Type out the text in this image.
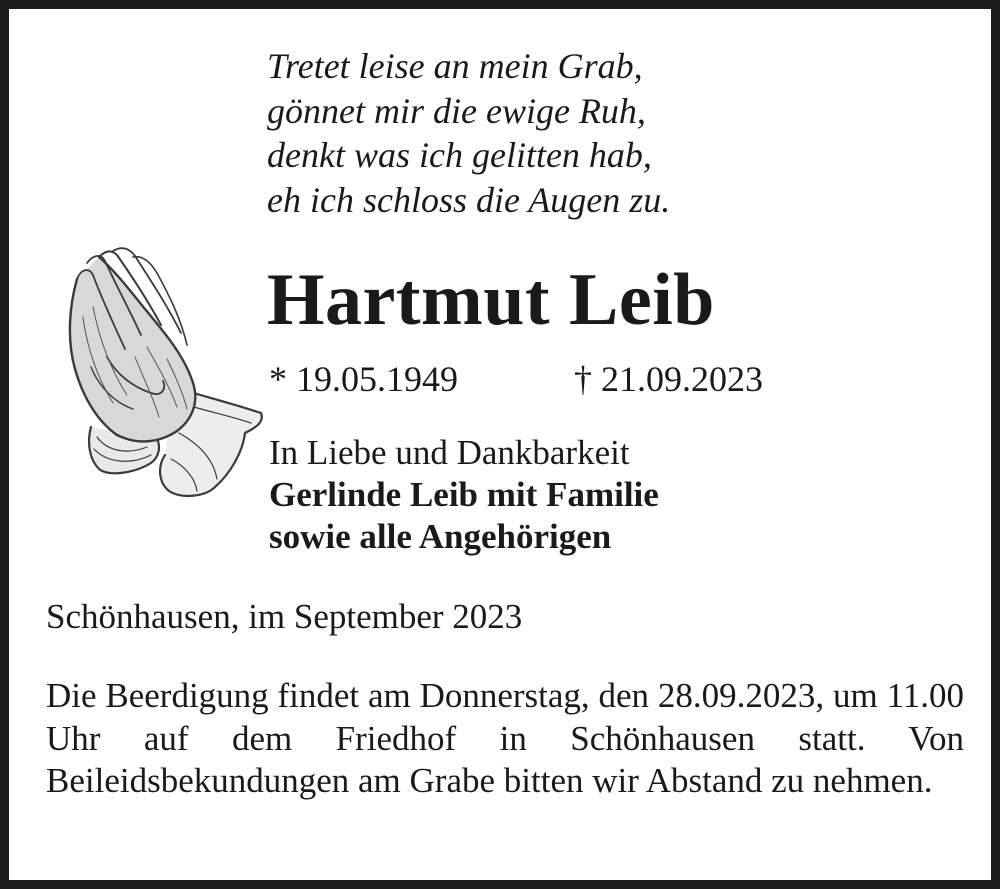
Tretet leise an mein Grab,
gönnet mir die ewige Ruh,
denkt was ich gelitten hab,
eh ich schloss die Augen zu.
Hartmut Leib
* 19.05.1949	† 21.09.2023
In Liebe und Dankbarkeit
Gerlinde Leib mit Familie
sowie alle Angehörigen
Schönhausen, im September 2023

Die Beerdigung findet am Donnerstag, den 28.09.2023, um 11.00 Uhr auf dem Friedhof in Schönhausen statt. Von Beileidsbekundungen am Grabe bitten wir Abstand zu nehmen.
